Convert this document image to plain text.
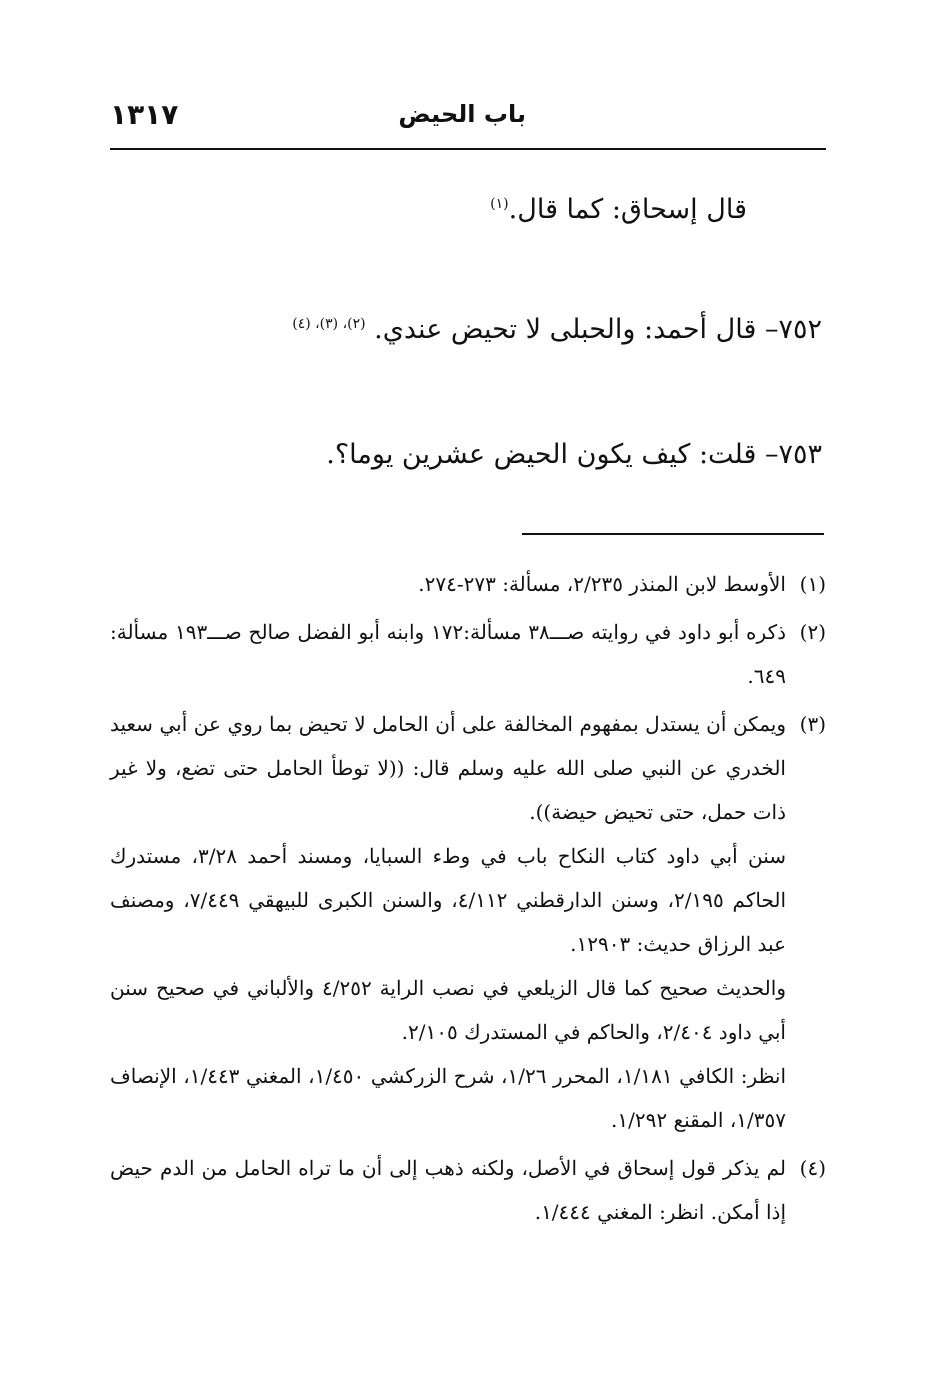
١٣١٧	باب الحيض
قال إسحاق: كما قال.$^{(١)}$
٧٥٢– قال أحمد: والحبلى لا تحيض عندي. $^{(٢)، (٣)، (٤)}$
٧٥٣– قلت: كيف يكون الحيض عشرين يوما؟.
(١)
الأوسط لابن المنذر ٢/٢٣٥، مسألة: ٢٧٣-٢٧٤.
(٢)
ذكره أبو داود في روايته صـــ٣٨ مسألة:١٧٢ وابنه أبو الفضل صالح صـــ١٩٣ مسألة: ٦٤٩.
(٣)
ويمكن أن يستدل بمفهوم المخالفة على أن الحامل لا تحيض بما روي عن أبي سعيد الخدري عن النبي صلى الله عليه وسلم قال: ((لا توطأ الحامل حتى تضع، ولا غير ذات حمل، حتى تحيض حيضة)).
سنن أبي داود كتاب النكاح باب في وطء السبايا، ومسند أحمد ٣/٢٨، مستدرك الحاكم ٢/١٩٥، وسنن الدارقطني ٤/١١٢، والسنن الكبرى للبيهقي ٧/٤٤٩، ومصنف عبد الرزاق حديث: ١٢٩٠٣.
والحديث صحيح كما قال الزيلعي في نصب الراية ٤/٢٥٢ والألباني في صحيح سنن أبي داود ٢/٤٠٤، والحاكم في المستدرك ٢/١٠٥.
انظر: الكافي ١/١٨١، المحرر ١/٢٦، شرح الزركشي ١/٤٥٠، المغني ١/٤٤٣، الإنصاف ١/٣٥٧، المقنع ١/٢٩٢.
(٤)
لم يذكر قول إسحاق في الأصل، ولكنه ذهب إلى أن ما تراه الحامل من الدم حيض إذا أمكن. انظر: المغني ١/٤٤٤.
